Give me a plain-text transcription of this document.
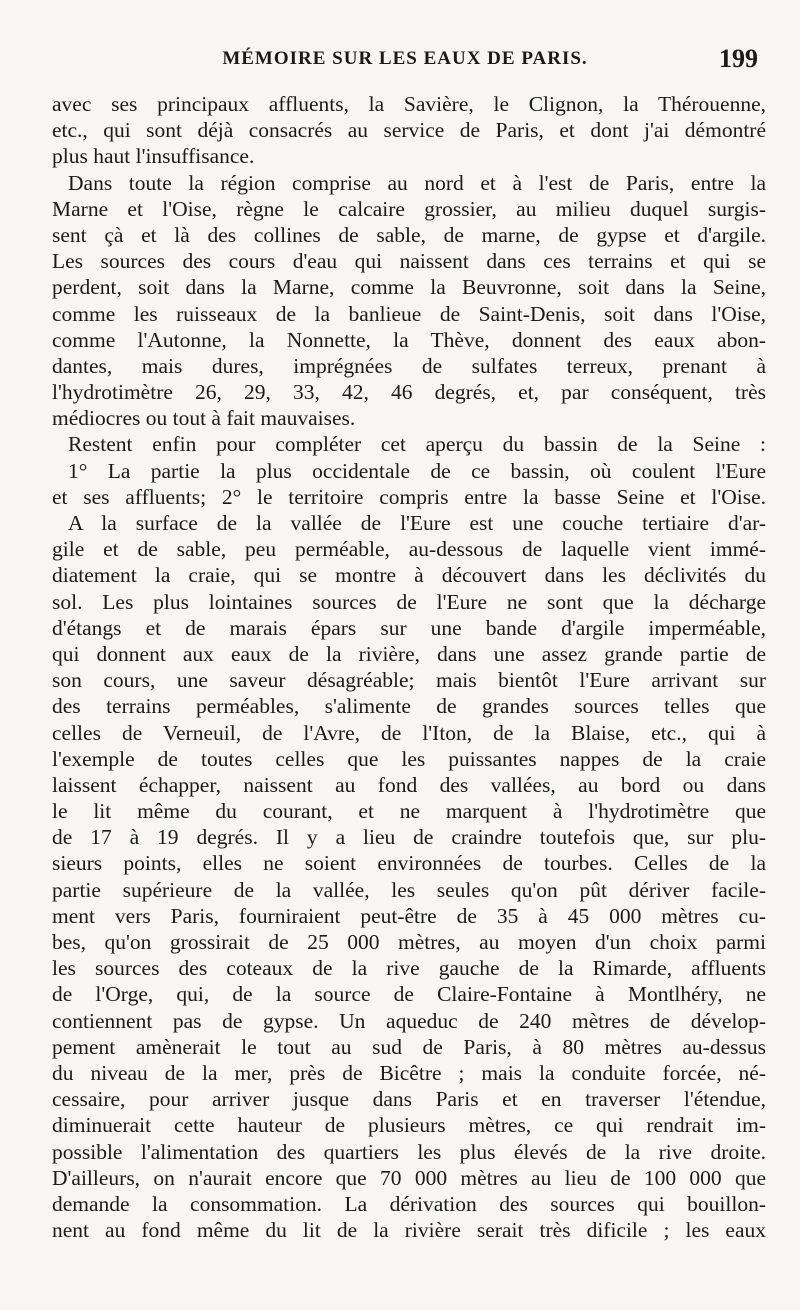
MÉMOIRE SUR LES EAUX DE PARIS.	199
avec ses principaux affluents, la Savière, le Clignon, la Thérouenne,
etc., qui sont déjà consacrés au service de Paris, et dont j'ai démontré
plus haut l'insuffisance.
Dans toute la région comprise au nord et à l'est de Paris, entre la
Marne et l'Oise, règne le calcaire grossier, au milieu duquel surgis-
sent çà et là des collines de sable, de marne, de gypse et d'argile.
Les sources des cours d'eau qui naissent dans ces terrains et qui se
perdent, soit dans la Marne, comme la Beuvronne, soit dans la Seine,
comme les ruisseaux de la banlieue de Saint-Denis, soit dans l'Oise,
comme l'Autonne, la Nonnette, la Thève, donnent des eaux abon-
dantes, mais dures, imprégnées de sulfates terreux, prenant à
l'hydrotimètre 26, 29, 33, 42, 46 degrés, et, par conséquent, très
médiocres ou tout à fait mauvaises.
Restent enfin pour compléter cet aperçu du bassin de la Seine :
1° La partie la plus occidentale de ce bassin, où coulent l'Eure
et ses affluents; 2° le territoire compris entre la basse Seine et l'Oise.
A la surface de la vallée de l'Eure est une couche tertiaire d'ar-
gile et de sable, peu perméable, au-dessous de laquelle vient immé-
diatement la craie, qui se montre à découvert dans les déclivités du
sol. Les plus lointaines sources de l'Eure ne sont que la décharge
d'étangs et de marais épars sur une bande d'argile imperméable,
qui donnent aux eaux de la rivière, dans une assez grande partie de
son cours, une saveur désagréable; mais bientôt l'Eure arrivant sur
des terrains perméables, s'alimente de grandes sources telles que
celles de Verneuil, de l'Avre, de l'Iton, de la Blaise, etc., qui à
l'exemple de toutes celles que les puissantes nappes de la craie
laissent échapper, naissent au fond des vallées, au bord ou dans
le lit même du courant, et ne marquent à l'hydrotimètre que
de 17 à 19 degrés. Il y a lieu de craindre toutefois que, sur plu-
sieurs points, elles ne soient environnées de tourbes. Celles de la
partie supérieure de la vallée, les seules qu'on pût dériver facile-
ment vers Paris, fourniraient peut-être de 35 à 45 000 mètres cu-
bes, qu'on grossirait de 25 000 mètres, au moyen d'un choix parmi
les sources des coteaux de la rive gauche de la Rimarde, affluents
de l'Orge, qui, de la source de Claire-Fontaine à Montlhéry, ne
contiennent pas de gypse. Un aqueduc de 240 mètres de dévelop-
pement amènerait le tout au sud de Paris, à 80 mètres au-dessus
du niveau de la mer, près de Bicêtre ; mais la conduite forcée, né-
cessaire, pour arriver jusque dans Paris et en traverser l'étendue,
diminuerait cette hauteur de plusieurs mètres, ce qui rendrait im-
possible l'alimentation des quartiers les plus élevés de la rive droite.
D'ailleurs, on n'aurait encore que 70 000 mètres au lieu de 100 000 que
demande la consommation. La dérivation des sources qui bouillon-
nent au fond même du lit de la rivière serait très dificile ; les eaux
